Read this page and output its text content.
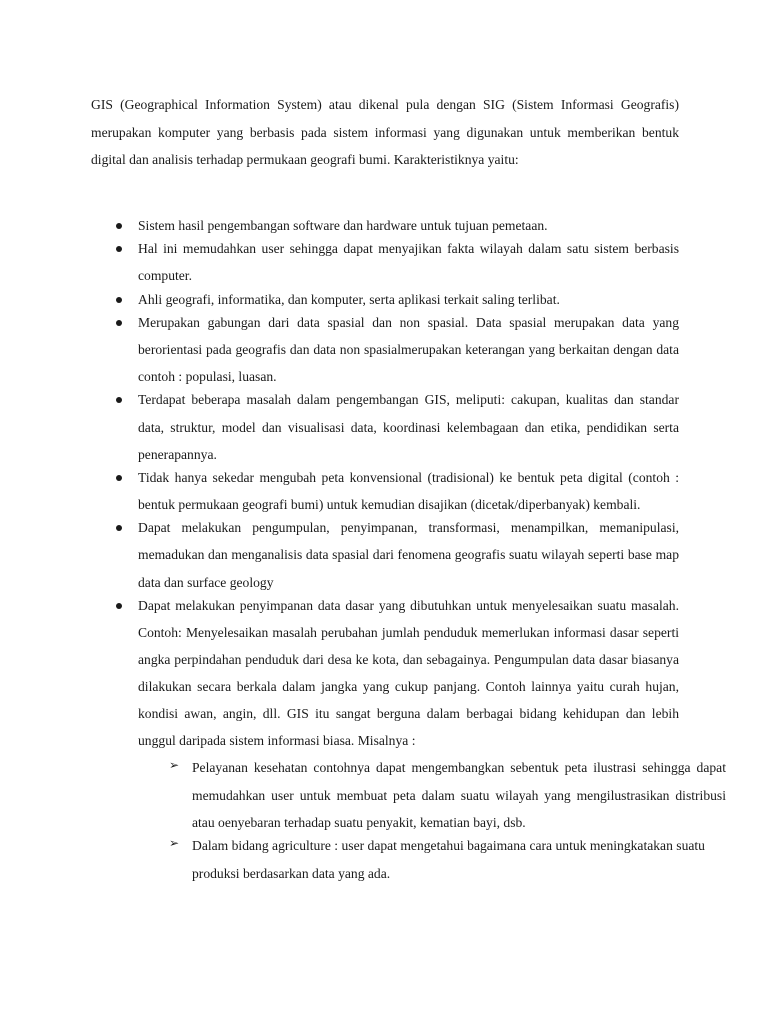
GIS (Geographical Information System) atau dikenal pula dengan SIG (Sistem Informasi Geografis) merupakan komputer yang berbasis pada sistem informasi yang digunakan untuk memberikan bentuk digital dan analisis terhadap permukaan geografi bumi. Karakteristiknya yaitu:

Sistem hasil pengembangan software dan hardware untuk tujuan pemetaan.
Hal ini memudahkan user sehingga dapat menyajikan fakta wilayah dalam satu sistem berbasis computer.
Ahli geografi, informatika, dan komputer, serta aplikasi terkait saling terlibat.
Merupakan gabungan dari data spasial dan non spasial. Data spasial merupakan data yang berorientasi pada geografis dan data non spasialmerupakan keterangan yang berkaitan dengan data contoh : populasi, luasan.
Terdapat beberapa masalah dalam pengembangan GIS, meliputi: cakupan, kualitas dan standar data, struktur, model dan visualisasi data, koordinasi kelembagaan dan etika, pendidikan serta penerapannya.
Tidak hanya sekedar mengubah peta konvensional (tradisional) ke bentuk peta digital (contoh : bentuk permukaan geografi bumi) untuk kemudian disajikan (dicetak/diperbanyak) kembali.
Dapat melakukan pengumpulan, penyimpanan, transformasi, menampilkan, memanipulasi, memadukan dan menganalisis data spasial dari fenomena geografis suatu wilayah seperti base map data dan surface geology
Dapat melakukan penyimpanan data dasar yang dibutuhkan untuk menyelesaikan suatu masalah. Contoh: Menyelesaikan masalah perubahan jumlah penduduk memerlukan informasi dasar seperti angka perpindahan penduduk dari desa ke kota, dan sebagainya. Pengumpulan data dasar biasanya dilakukan secara berkala dalam jangka yang cukup panjang. Contoh lainnya yaitu curah hujan, kondisi awan, angin, dll. GIS itu sangat berguna dalam berbagai bidang kehidupan dan lebih unggul daripada sistem informasi biasa. Misalnya :
➢ Pelayanan kesehatan contohnya dapat mengembangkan sebentuk peta ilustrasi sehingga dapat memudahkan user untuk membuat peta dalam suatu wilayah yang mengilustrasikan distribusi atau oenyebaran terhadap suatu penyakit, kematian bayi, dsb.
➢ Dalam bidang agriculture : user dapat mengetahui bagaimana cara untuk meningkatakan suatu produksi berdasarkan data yang ada.
